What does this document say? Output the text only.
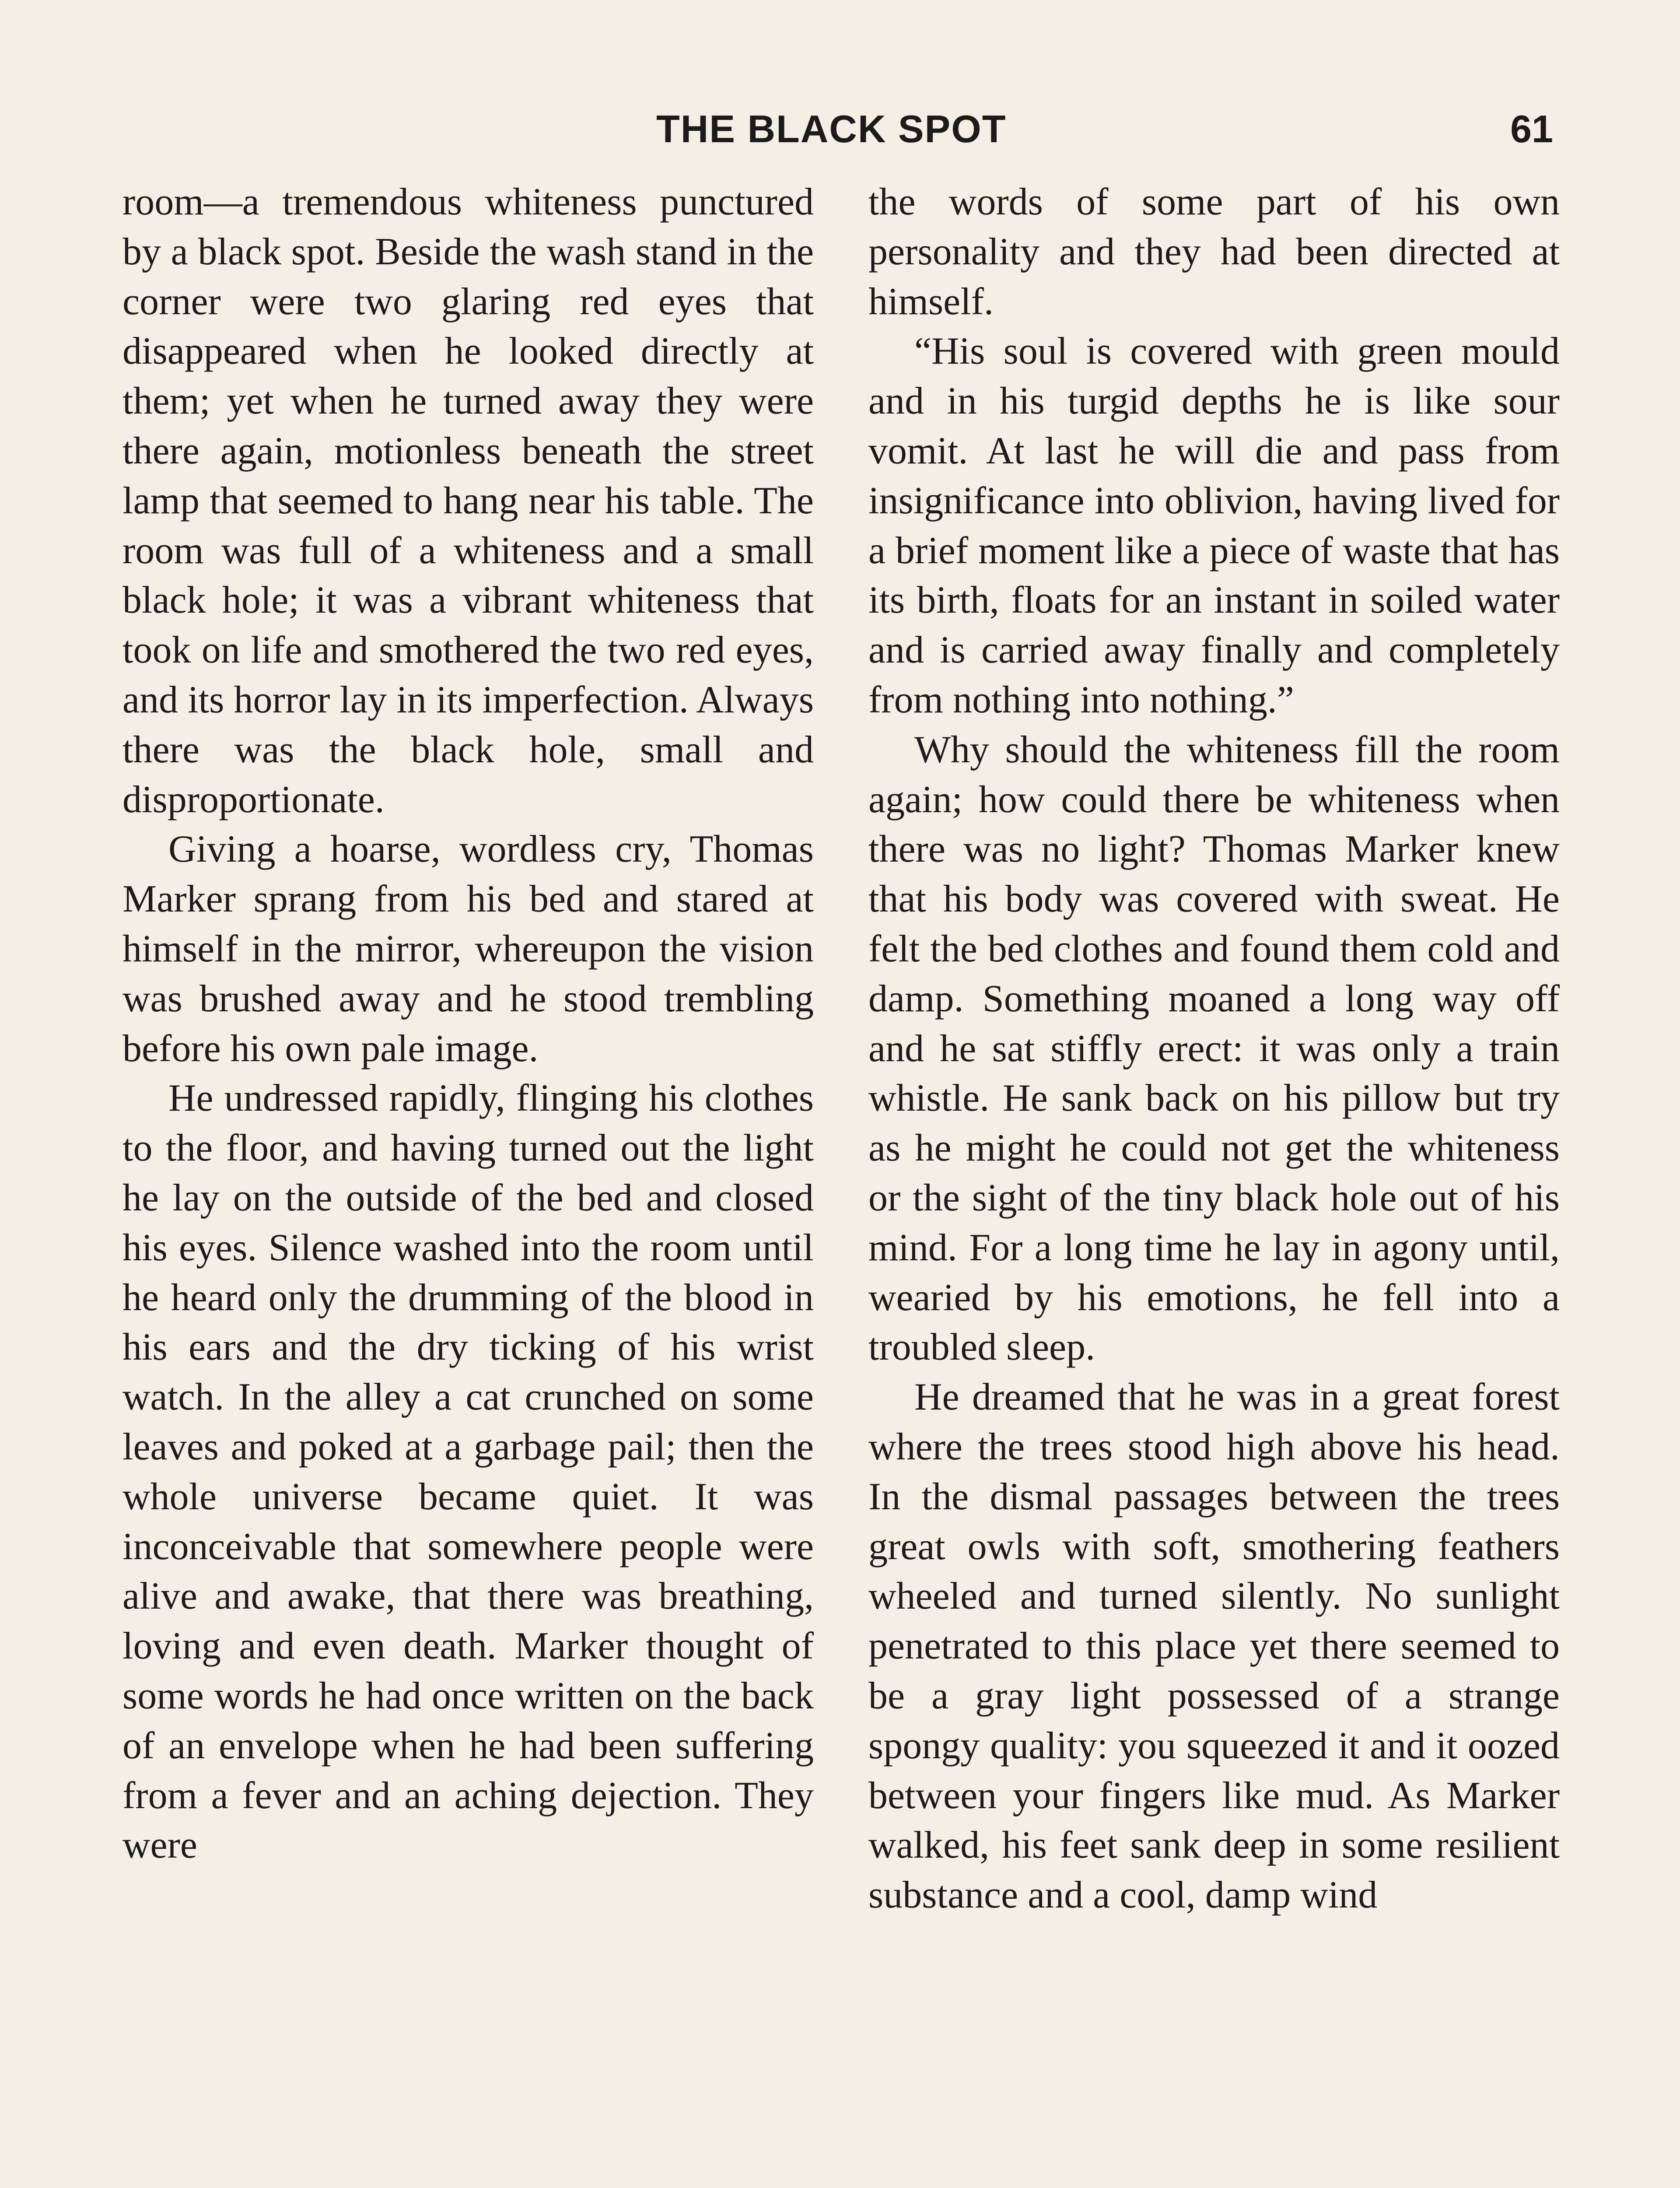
THE BLACK SPOT	61

room—a tremendous whiteness punctured by a black spot. Beside the wash stand in the corner were two glaring red eyes that disappeared when he looked directly at them; yet when he turned away they were there again, motionless beneath the street lamp that seemed to hang near his table. The room was full of a whiteness and a small black hole; it was a vibrant whiteness that took on life and smothered the two red eyes, and its horror lay in its imperfection. Always there was the black hole, small and disproportionate.

Giving a hoarse, wordless cry, Thomas Marker sprang from his bed and stared at himself in the mirror, whereupon the vision was brushed away and he stood trembling before his own pale image.

He undressed rapidly, flinging his clothes to the floor, and having turned out the light he lay on the outside of the bed and closed his eyes. Silence washed into the room until he heard only the drumming of the blood in his ears and the dry ticking of his wrist watch. In the alley a cat crunched on some leaves and poked at a garbage pail; then the whole universe became quiet. It was inconceivable that somewhere people were alive and awake, that there was breathing, loving and even death. Marker thought of some words he had once written on the back of an envelope when he had been suffering from a fever and an aching dejection. They were

the words of some part of his own personality and they had been directed at himself.

“His soul is covered with green mould and in his turgid depths he is like sour vomit. At last he will die and pass from insignificance into oblivion, having lived for a brief moment like a piece of waste that has its birth, floats for an instant in soiled water and is carried away finally and completely from nothing into nothing.”

Why should the whiteness fill the room again; how could there be whiteness when there was no light? Thomas Marker knew that his body was covered with sweat. He felt the bed clothes and found them cold and damp. Something moaned a long way off and he sat stiffly erect: it was only a train whistle. He sank back on his pillow but try as he might he could not get the whiteness or the sight of the tiny black hole out of his mind. For a long time he lay in agony until, wearied by his emotions, he fell into a troubled sleep.

He dreamed that he was in a great forest where the trees stood high above his head. In the dismal passages between the trees great owls with soft, smothering feathers wheeled and turned silently. No sunlight penetrated to this place yet there seemed to be a gray light possessed of a strange spongy quality: you squeezed it and it oozed between your fingers like mud. As Marker walked, his feet sank deep in some resilient substance and a cool, damp wind
